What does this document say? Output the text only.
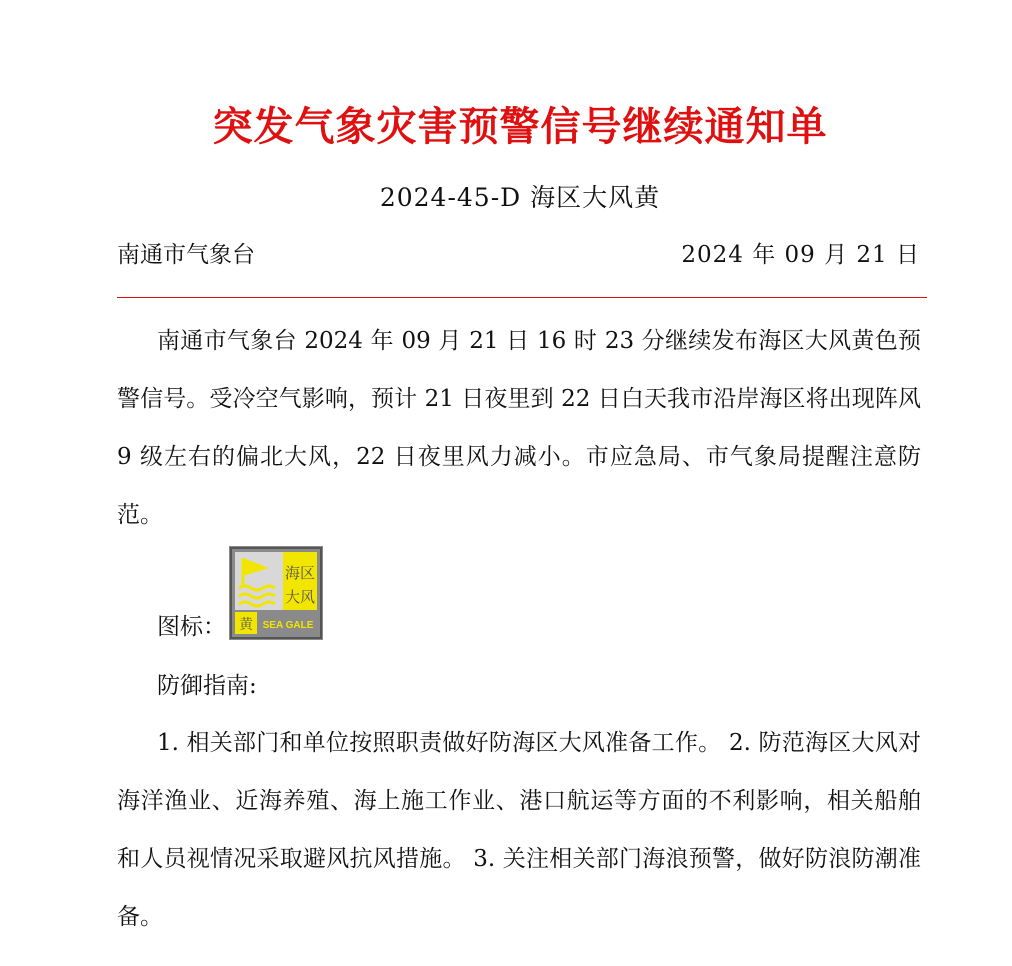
突发气象灾害预警信号继续通知单
2024-45-D 海区大风黄
南通市气象台	2024 年 09 月 21 日

南通市气象台 2024 年 09 月 21 日 16 时 23 分继续发布海区大风黄色预警信号。受冷空气影响，预计 21 日夜里到 22 日白天我市沿岸海区将出现阵风 9 级左右的偏北大风，22 日夜里风力减小。市应急局、市气象局提醒注意防范。

图标：
海区
大风
黄 SEA GALE
防御指南:

1. 相关部门和单位按照职责做好防海区大风准备工作。 2. 防范海区大风对海洋渔业、近海养殖、海上施工作业、港口航运等方面的不利影响，相关船舶和人员视情况采取避风抗风措施。 3. 关注相关部门海浪预警，做好防浪防潮准备。
